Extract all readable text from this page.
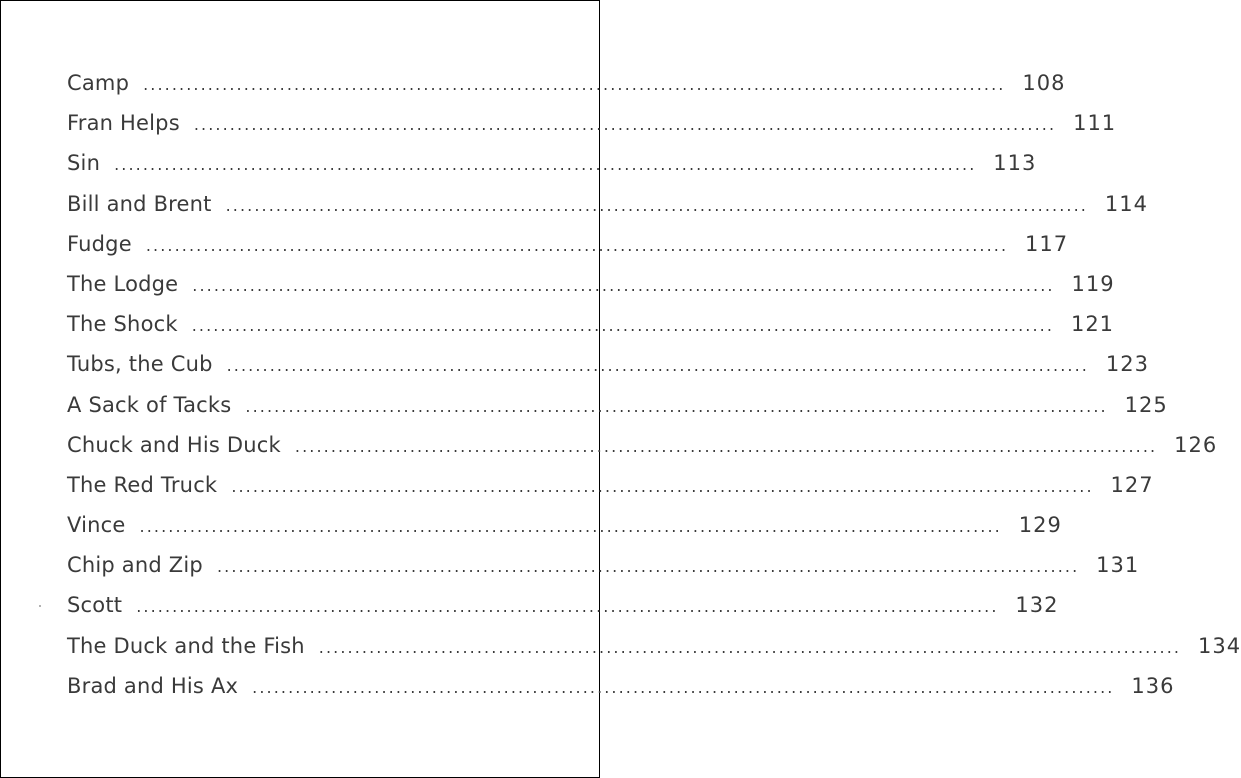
Camp ........................................................................................................................ 108
Fran Helps ........................................................................................................................ 111
Sin ........................................................................................................................ 113
Bill and Brent ........................................................................................................................ 114
Fudge ........................................................................................................................ 117
The Lodge ........................................................................................................................ 119
The Shock ........................................................................................................................ 121
Tubs, the Cub ........................................................................................................................ 123
A Sack of Tacks ........................................................................................................................ 125
Chuck and His Duck ........................................................................................................................ 126
The Red Truck ........................................................................................................................ 127
Vince ........................................................................................................................ 129
Chip and Zip ........................................................................................................................ 131
Scott ........................................................................................................................ 132
The Duck and the Fish ........................................................................................................................ 134
Brad and His Ax ........................................................................................................................ 136
